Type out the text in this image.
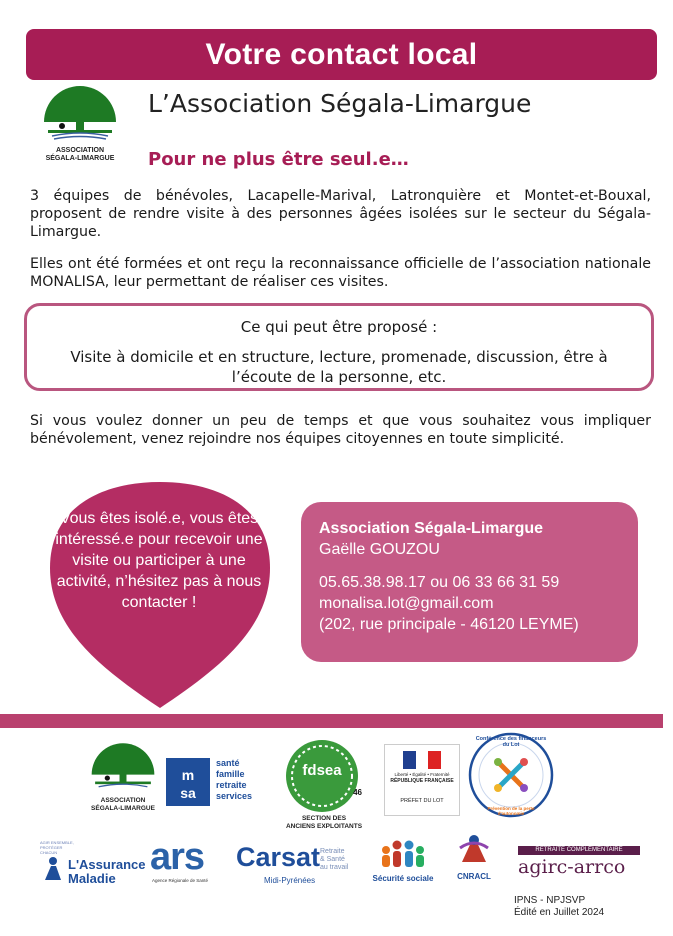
Votre contact local
ASSOCIATION
SÉGALA-LIMARGUE
L’Association Ségala-Limargue
Pour ne plus être seul.e…
3 équipes de bénévoles, Lacapelle-Marival, Latronquière et Montet-et-Bouxal, proposent de rendre visite à des personnes âgées isolées sur le secteur du Ségala-Limargue.
Elles ont été formées et ont reçu la reconnaissance officielle de l’association nationale MONALISA, leur permettant de réaliser ces visites.
Ce qui peut être proposé :
Visite à domicile et en structure, lecture, promenade, discussion, être à l’écoute de la personne, etc.
Si vous voulez donner un peu de temps et que vous souhaitez vous impliquer bénévolement, venez rejoindre nos équipes citoyennes en toute simplicité.
Vous êtes isolé.e, vous êtes intéressé.e pour recevoir une visite ou participer à une activité, n’hésitez pas à nous contacter !
Association Ségala-Limargue
Gaëlle GOUZOU
05.65.38.98.17 ou 06 33 66 31 59
monalisa.lot@gmail.com
(202, rue principale - 46120 LEYME)
ASSOCIATION
SÉGALA-LIMARGUE
m
sa
santé
famille
retraite
services
fdsea
46
SECTION DES
ANCIENS EXPLOITANTS
Liberté • Égalité • Fraternité
RÉPUBLIQUE FRANÇAISE
PRÉFET DU LOT
Conférence des financeurs du Lot
Prévention de la perte d'autonomie
AGIR ENSEMBLE, PROTÉGER CHACUN
L'Assurance
Maladie
ars
Agence Régionale de Santé
Carsat Retraite
& Santé
au travail
Midi-Pyrénées	Sécurité sociale	CNRACL
RETRAITE COMPLÉMENTAIRE
agirc-arrco
IPNS - NPJSVP
Édité en Juillet 2024
